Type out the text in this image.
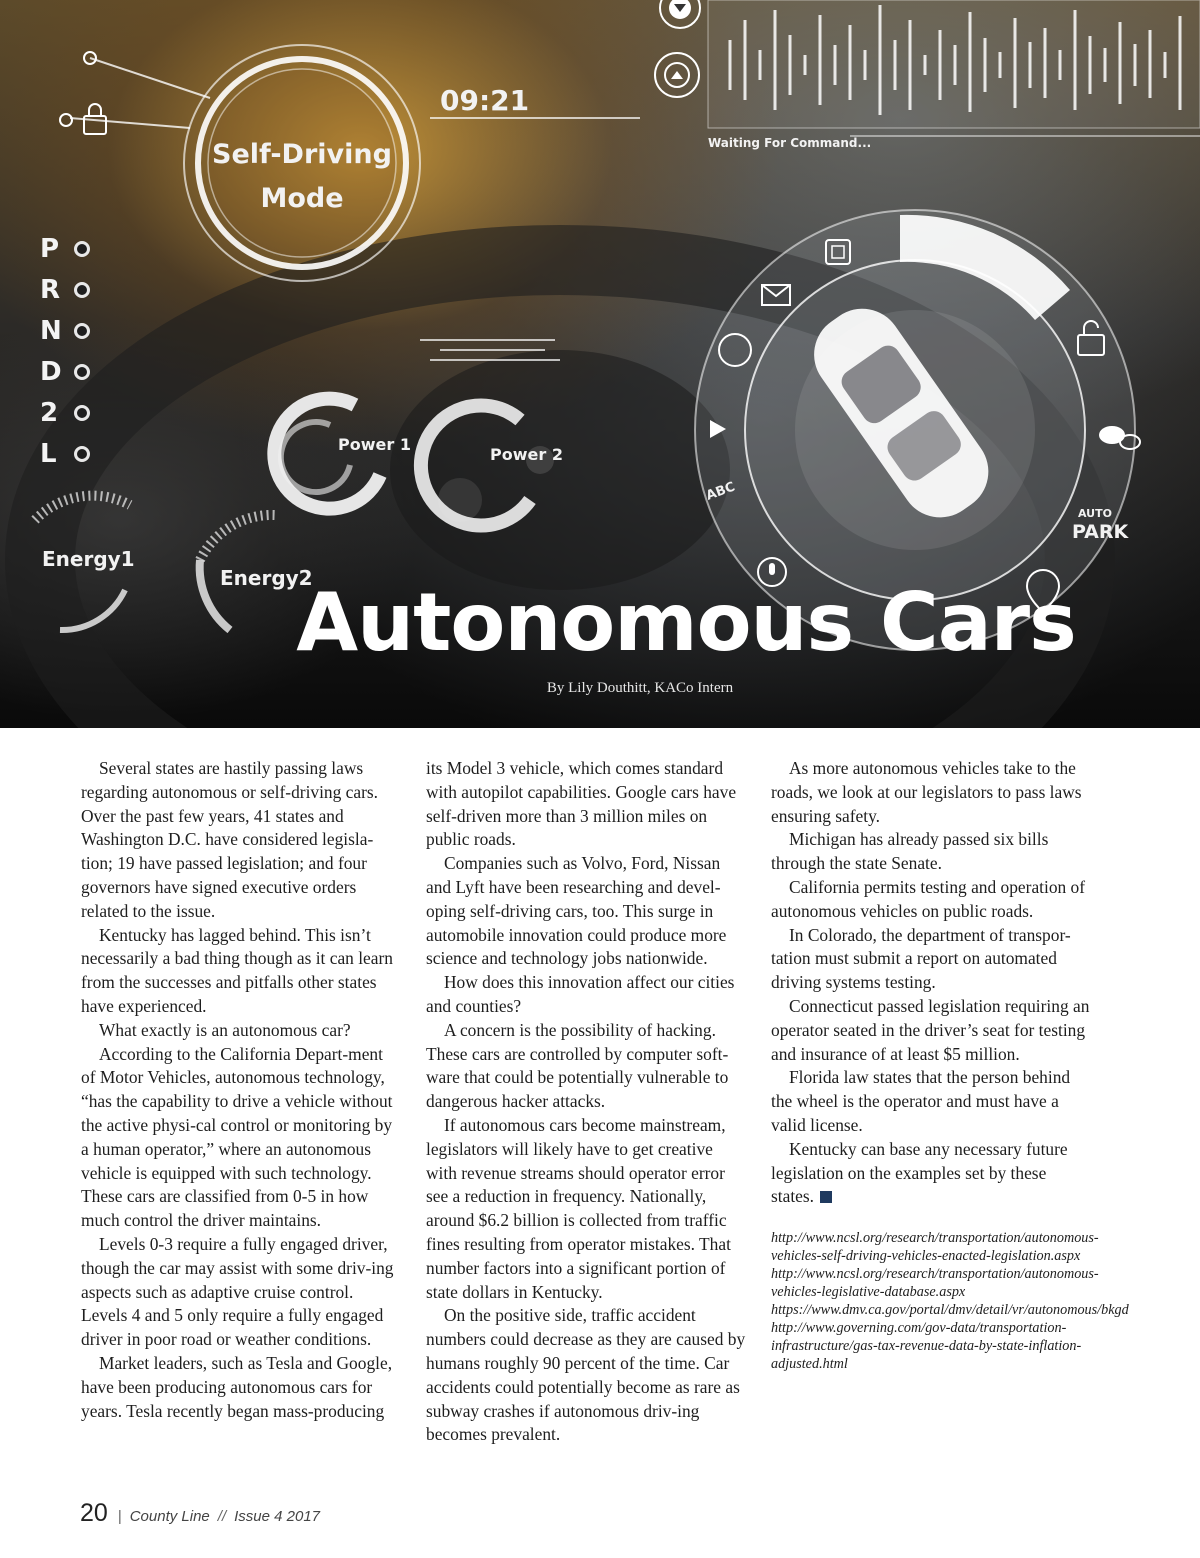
Self-Driving
Mode
09:21
Waiting For Command...
Power 1
Power 2
Energy1
Energy2
AUTO
PARK
ABC
P
R
N
D
2
L
Autonomous Cars
By Lily Douthitt, KACo Intern

Several states are hastily passing laws regarding autonomous or self-driving cars. Over the past few years, 41 states and Washington D.C. have considered legisla-tion; 19 have passed legislation; and four governors have signed executive orders related to the issue.

Kentucky has lagged behind. This isn’t necessarily a bad thing though as it can learn from the successes and pitfalls other states have experienced.

What exactly is an autonomous car?

According to the California Depart-ment of Motor Vehicles, autonomous technology, “has the capability to drive a vehicle without the active physi-cal control or monitoring by a human operator,” where an autonomous vehicle is equipped with such technology. These cars are classified from 0-5 in how much control the driver maintains.

Levels 0-3 require a fully engaged driver, though the car may assist with some driv-ing aspects such as adaptive cruise control. Levels 4 and 5 only require a fully engaged driver in poor road or weather conditions.

Market leaders, such as Tesla and Google, have been producing autonomous cars for years. Tesla recently began mass-producing

its Model 3 vehicle, which comes standard with autopilot capabilities. Google cars have self-driven more than 3 million miles on public roads.

Companies such as Volvo, Ford, Nissan and Lyft have been researching and devel-oping self-driving cars, too. This surge in automobile innovation could produce more science and technology jobs nationwide.

How does this innovation affect our cities and counties?

A concern is the possibility of hacking. These cars are controlled by computer soft-ware that could be potentially vulnerable to dangerous hacker attacks.

If autonomous cars become mainstream, legislators will likely have to get creative with revenue streams should operator error see a reduction in frequency. Nationally, around $6.2 billion is collected from traffic fines resulting from operator mistakes. That number factors into a significant portion of state dollars in Kentucky.

On the positive side, traffic accident numbers could decrease as they are caused by humans roughly 90 percent of the time. Car accidents could potentially become as rare as subway crashes if autonomous driv-ing becomes prevalent.

As more autonomous vehicles take to the roads, we look at our legislators to pass laws ensuring safety.

Michigan has already passed six bills through the state Senate.

California permits testing and operation of autonomous vehicles on public roads.

In Colorado, the department of transpor-tation must submit a report on automated driving systems testing.

Connecticut passed legislation requiring an operator seated in the driver’s seat for testing and insurance of at least $5 million.

Florida law states that the person behind the wheel is the operator and must have a valid license.

Kentucky can base any necessary future legislation on the examples set by these states.

http://www.ncsl.org/research/transportation/autonomous-vehicles-self-driving-vehicles-enacted-legislation.aspx
http://www.ncsl.org/research/transportation/autonomous-vehicles-legislative-database.aspx
https://www.dmv.ca.gov/portal/dmv/detail/vr/autonomous/bkgd
http://www.governing.com/gov-data/transportation-infrastructure/gas-tax-revenue-data-by-state-inflation-adjusted.html
20 | County Line // Issue 4 2017
